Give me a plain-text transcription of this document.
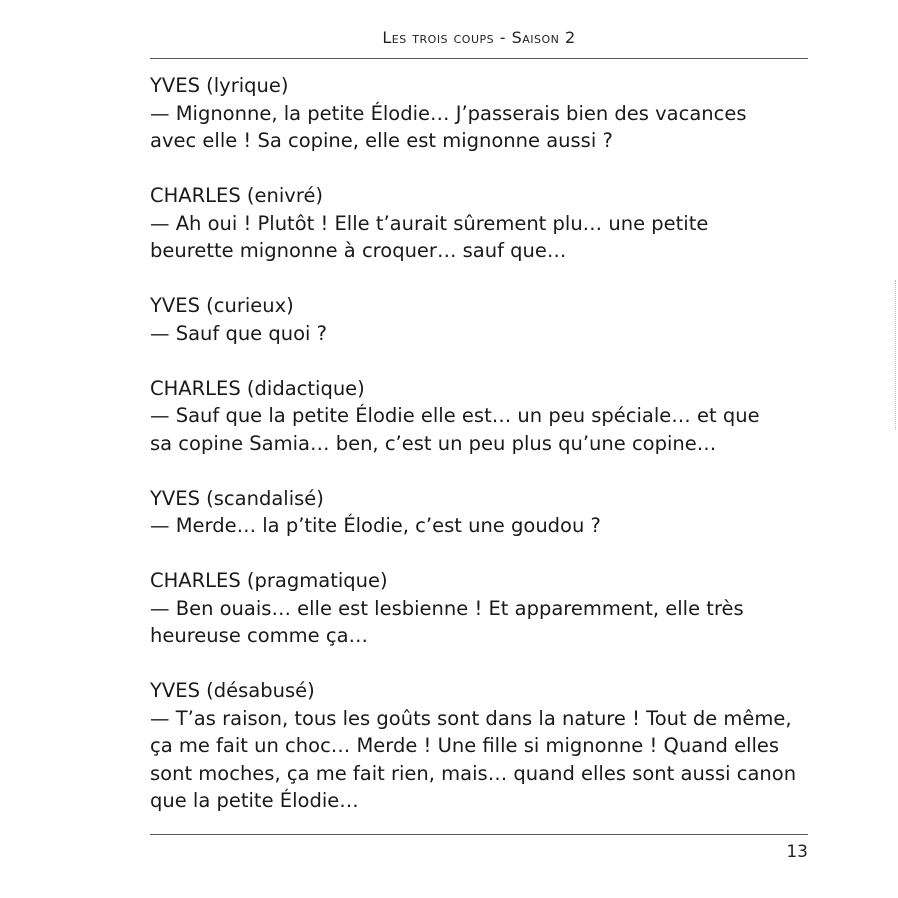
Les trois coups - Saison 2
YVES (lyrique)
— Mignonne, la petite Élodie… J’passerais bien des vacances
avec elle ! Sa copine, elle est mignonne aussi ?
CHARLES (enivré)
— Ah oui ! Plutôt ! Elle t’aurait sûrement plu… une petite
beurette mignonne à croquer… sauf que…
YVES (curieux)
— Sauf que quoi ?
CHARLES (didactique)
— Sauf que la petite Élodie elle est… un peu spéciale… et que
sa copine Samia… ben, c’est un peu plus qu’une copine…
YVES (scandalisé)
— Merde… la p’tite Élodie, c’est une goudou ?
CHARLES (pragmatique)
— Ben ouais… elle est lesbienne ! Et apparemment, elle très
heureuse comme ça…
YVES (désabusé)
— T’as raison, tous les goûts sont dans la nature ! Tout de même,
ça me fait un choc… Merde ! Une fille si mignonne ! Quand elles
sont moches, ça me fait rien, mais… quand elles sont aussi canon
que la petite Élodie…
13
